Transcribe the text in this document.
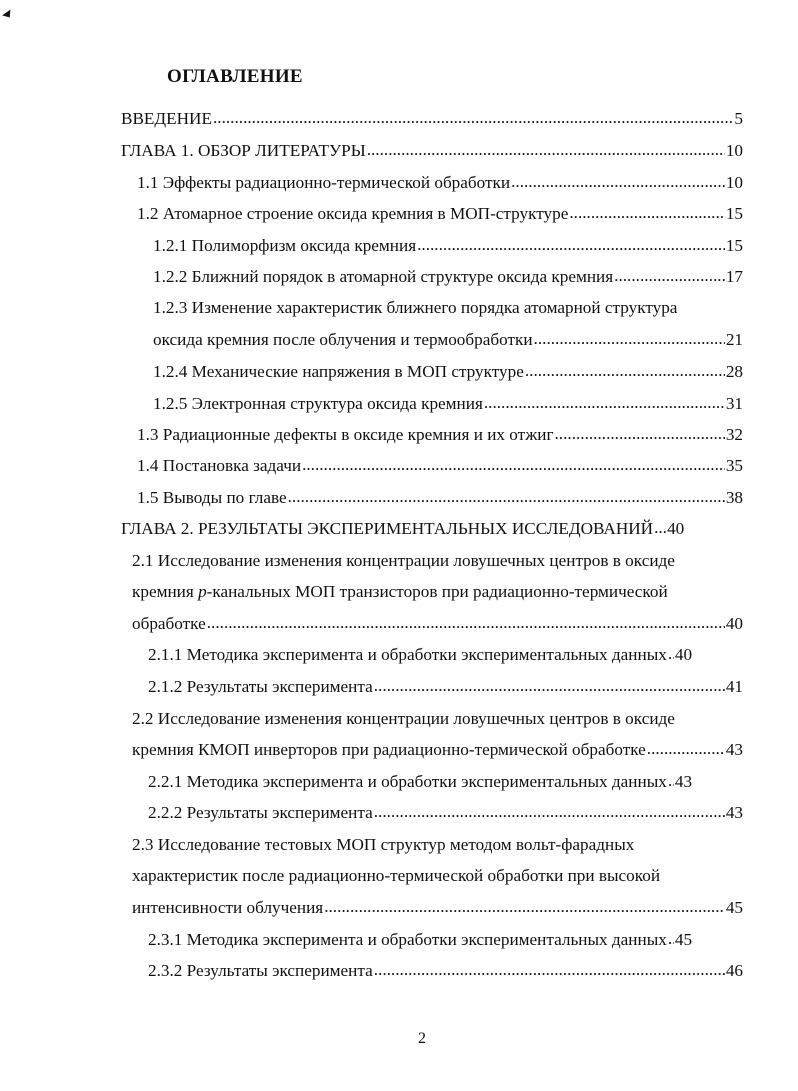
ОГЛАВЛЕНИЕ
ВВЕДЕНИЕ .....	5
ГЛАВА 1. ОБЗОР ЛИТЕРАТУРЫ .....	10
1.1 Эффекты радиационно-термической обработки .....	10
1.2 Атомарное строение оксида кремния в МОП-структуре .....	15
1.2.1 Полиморфизм оксида кремния .....	15
1.2.2 Ближний порядок в атомарной структуре оксида кремния .....	17
1.2.3 Изменение характеристик ближнего порядка атомарной структура
оксида кремния после облучения и термообработки .....	21
1.2.4 Механические напряжения в МОП структуре .....	28
1.2.5 Электронная структура оксида кремния .....	31
1.3 Радиационные дефекты в оксиде кремния и их отжиг .....	32
1.4 Постановка задачи .....	35
1.5 Выводы по главе .....	38
ГЛАВА 2. РЕЗУЛЬТАТЫ ЭКСПЕРИМЕНТАЛЬНЫХ ИССЛЕДОВАНИЙ ..... 40
2.1 Исследование изменения концентрации ловушечных центров в оксиде
кремния p-канальных МОП транзисторов при радиационно-термической
обработке .....	40
2.1.1 Методика эксперимента и обработки экспериментальных данных ..... 40
2.1.2 Результаты эксперимента .....	41
2.2 Исследование изменения концентрации ловушечных центров в оксиде
кремния КМОП инверторов при радиационно-термической обработке .....	43
2.2.1 Методика эксперимента и обработки экспериментальных данных ..... 43
2.2.2 Результаты эксперимента .....	43
2.3 Исследование тестовых МОП структур методом вольт-фарадных
характеристик после радиационно-термической обработки при высокой
интенсивности облучения .....	45
2.3.1 Методика эксперимента и обработки экспериментальных данных ..... 45
2.3.2 Результаты эксперимента .....	46
2
